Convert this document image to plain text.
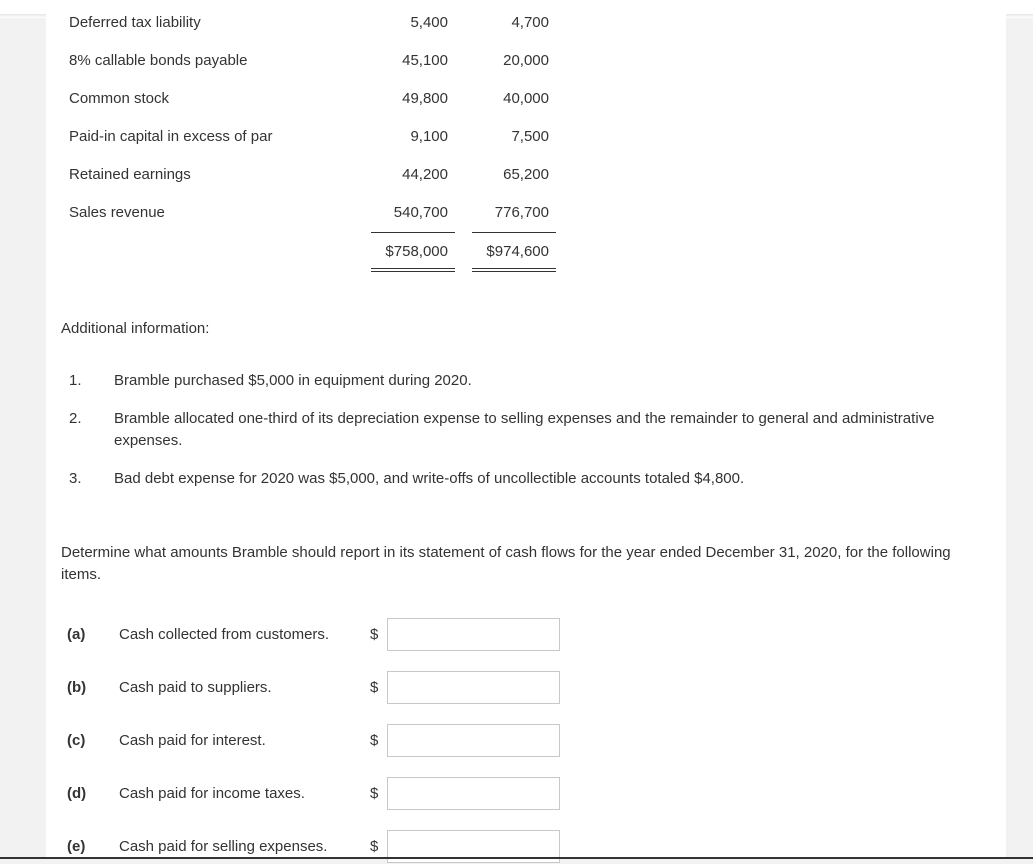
Deferred tax liability	5,400	4,700
8% callable bonds payable	45,100	20,000
Common stock	49,800	40,000
Paid-in capital in excess of par	9,100	7,500
Retained earnings	44,200	65,200
Sales revenue	540,700	776,700
$758,000	$974,600
Additional information:
1. Bramble purchased $5,000 in equipment during 2020.
2. Bramble allocated one-third of its depreciation expense to selling expenses and the remainder to general and administrative expenses.
3. Bad debt expense for 2020 was $5,000, and write-offs of uncollectible accounts totaled $4,800.
Determine what amounts Bramble should report in its statement of cash flows for the year ended December 31, 2020, for the following items.
(a) Cash collected from customers.	$
(b) Cash paid to suppliers.	$
(c) Cash paid for interest.	$
(d) Cash paid for income taxes.	$
(e) Cash paid for selling expenses.	$
